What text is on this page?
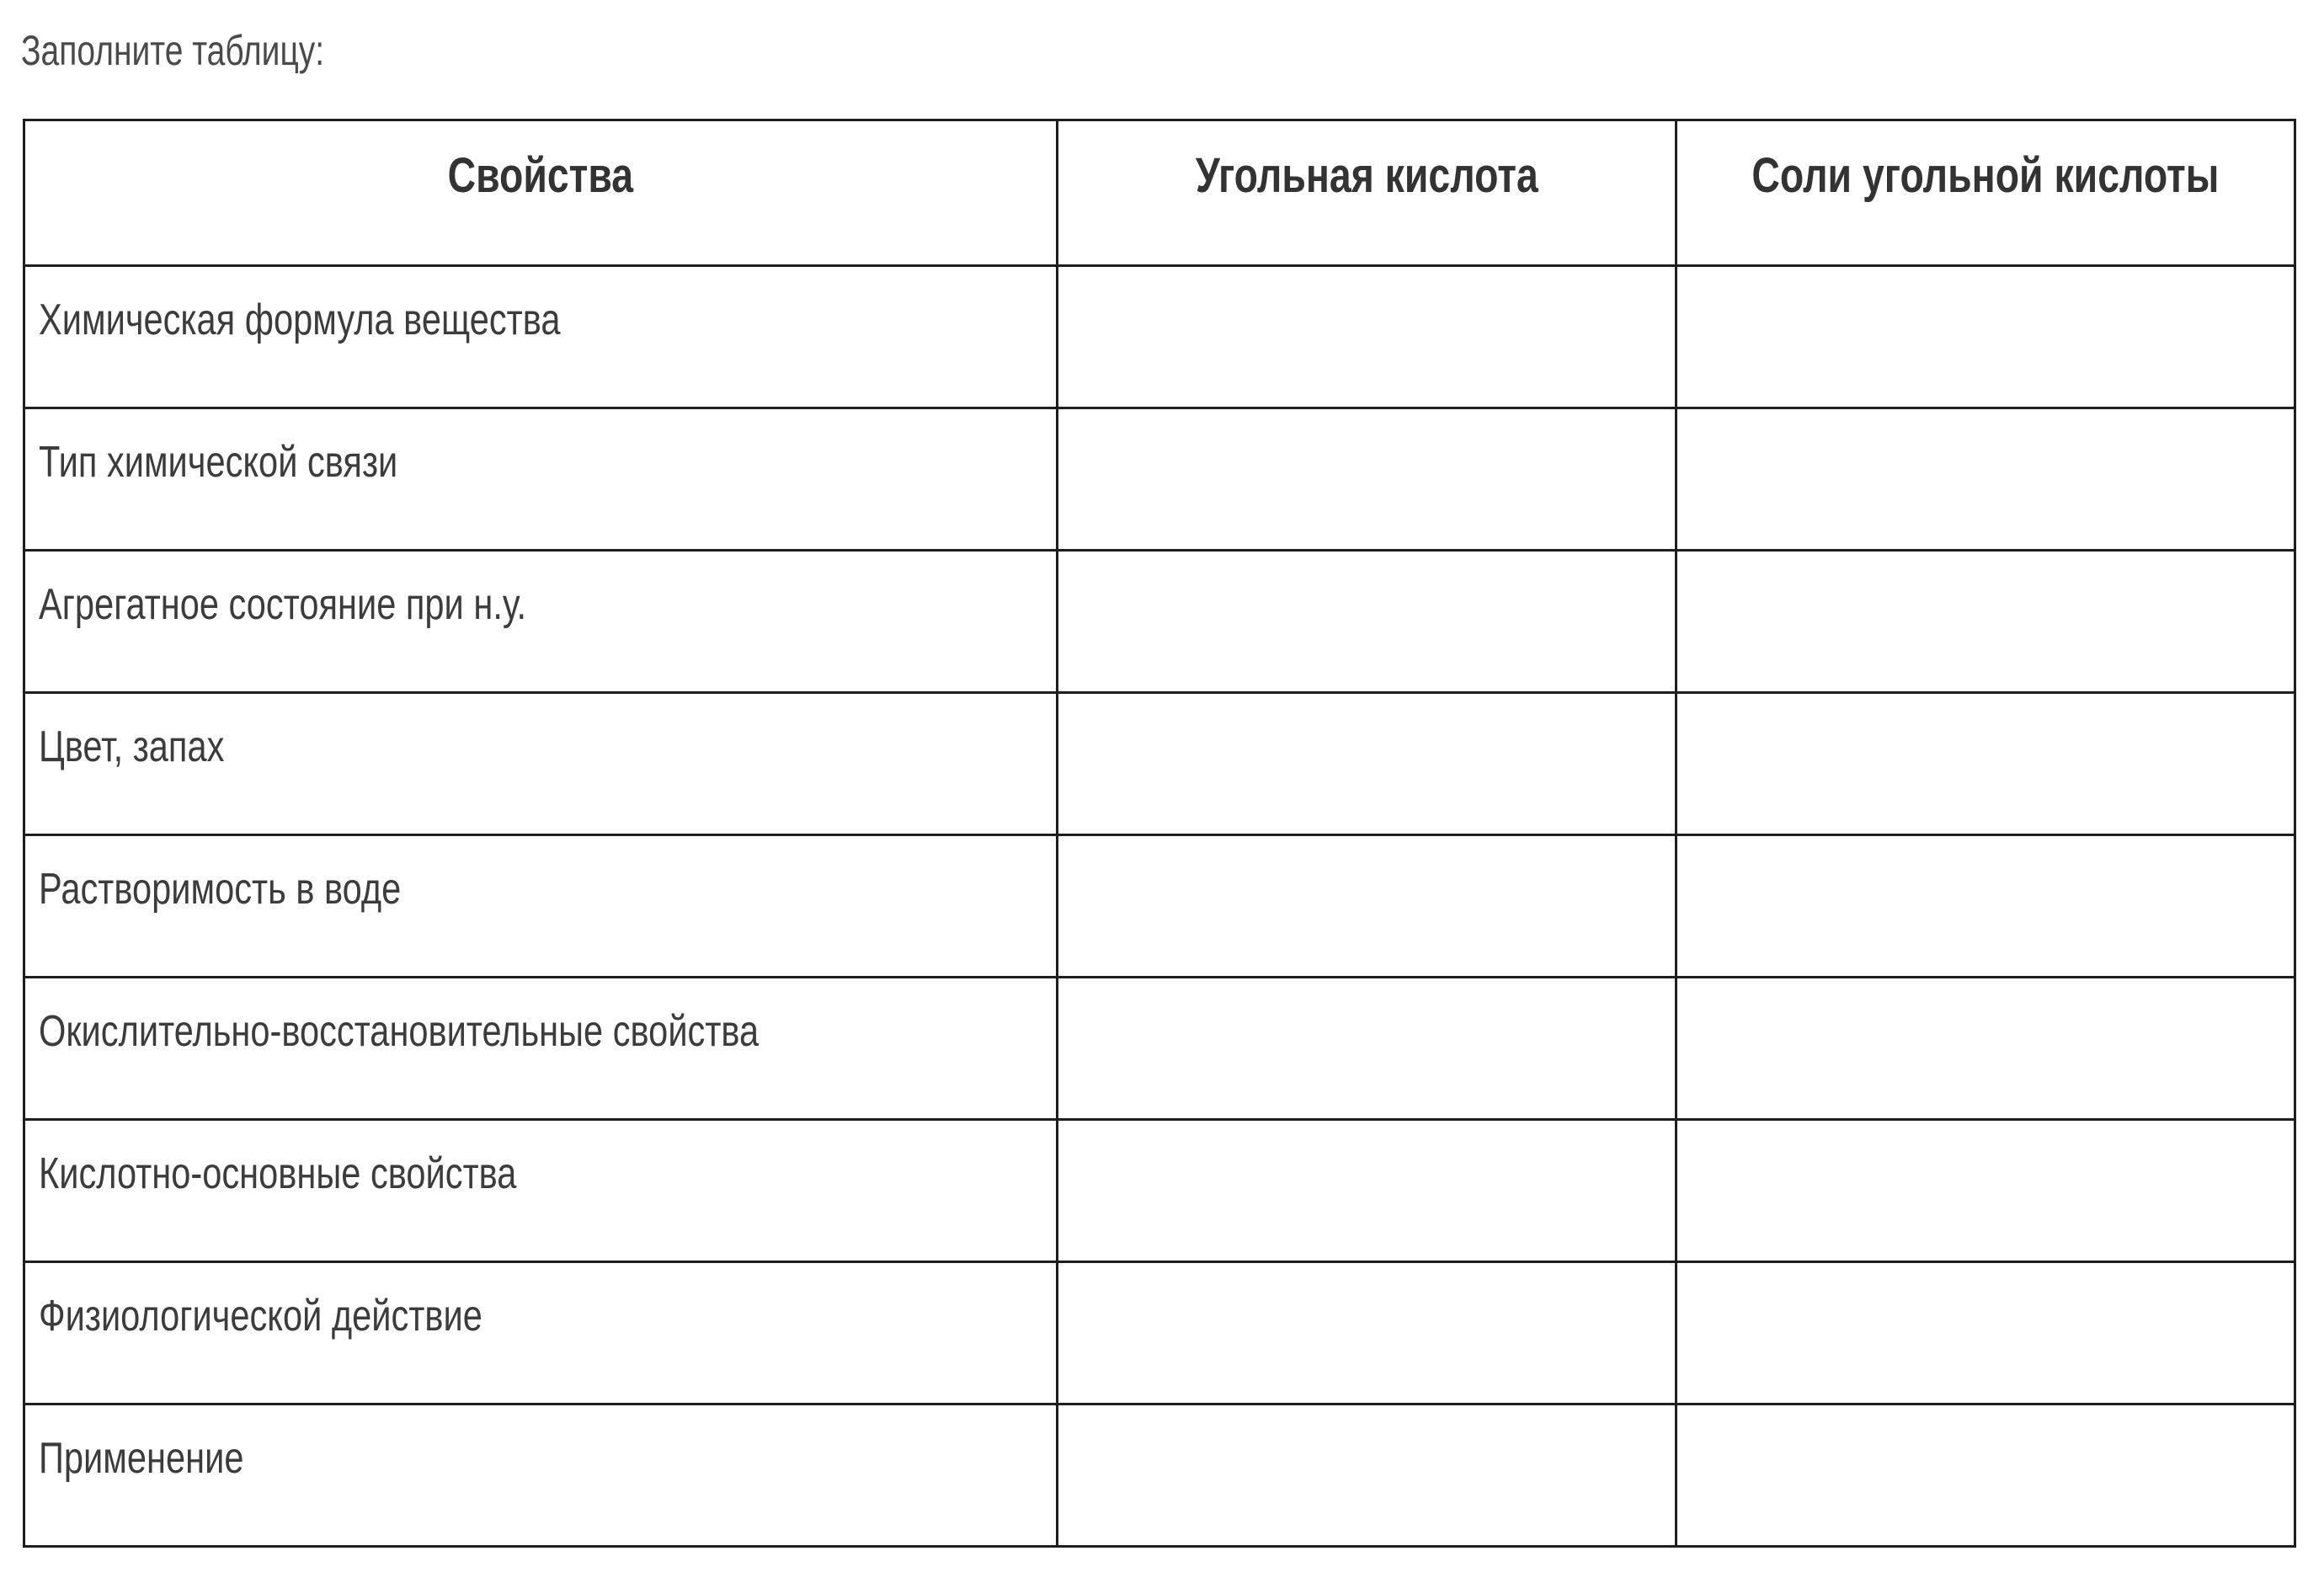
Заполните таблицу:
Свойства	Угольная кислота	Соли угольной кислоты

Химическая формула вещества		

Тип химической связи		

Агрегатное состояние при н.у.		

Цвет, запах		

Растворимость в воде		

Окислительно-восстановительные свойства		

Кислотно-основные свойства		

Физиологической действие		

Применение		
